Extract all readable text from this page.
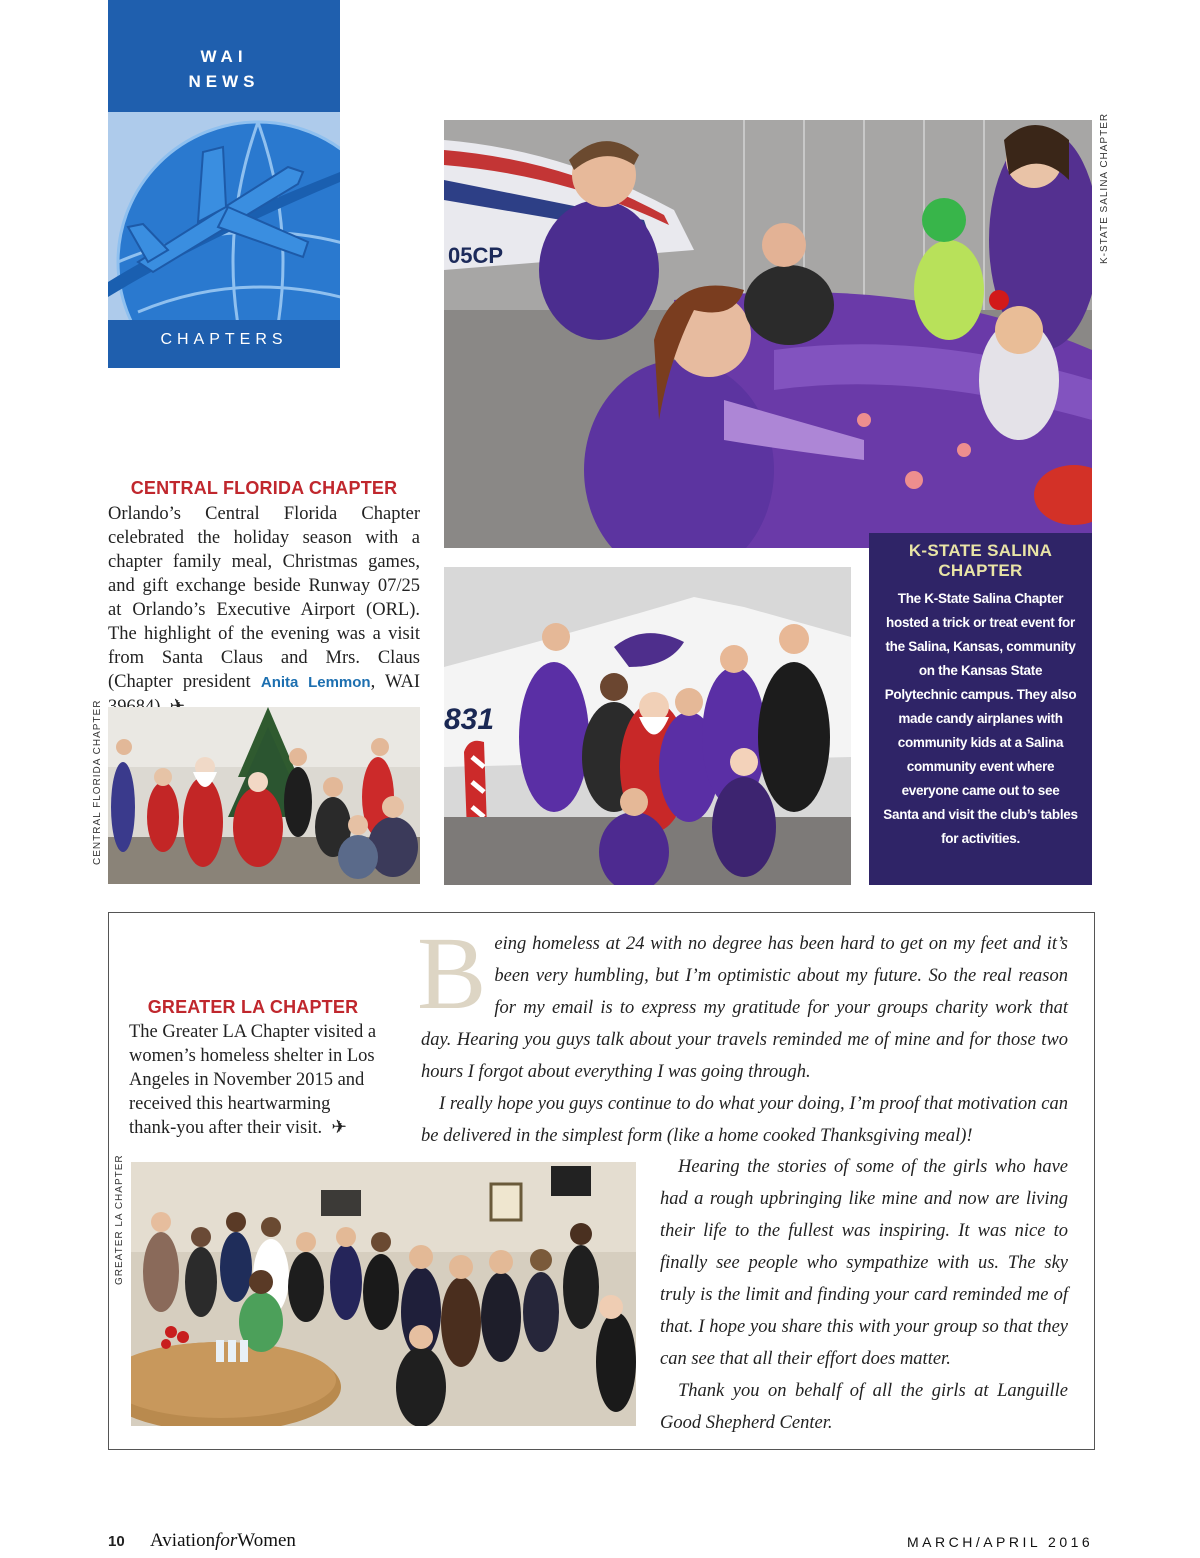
WAI
NEWS
CHAPTERS
05CP	K-STATE SALINA CHAPTER
831
K-STATE SALINA
CHAPTER
The K-State Salina Chapter hosted a trick or treat event for the Salina, Kansas, community on the Kansas State Polytechnic campus. They also made candy airplanes with community kids at a Salina community event where everyone came out to see Santa and visit the club’s tables for activities.
CENTRAL FLORIDA CHAPTER
Orlando’s Central Florida Chapter celebrated the holiday season with a chapter family meal, Christmas games, and gift exchange beside Runway 07/25 at Orlando’s Executive Airport (ORL). The highlight of the evening was a visit from Santa Claus and Mrs. Claus (Chapter president Anita Lemmon, WAI
CENTRAL FLORIDA CHAPTER
GREATER LA CHAPTER
The Greater LA Chapter visited a women’s homeless shelter in Los Angeles in November 2015 and received this heartwarming thank-you after their visit. ✈
GREATER LA CHAPTER
Being homeless at 24 with no degree has been hard to get on my feet and it’s been very humbling, but I’m optimistic about my future. So the real reason for my email is to express my gratitude for your groups charity work that day. Hearing you guys talk about your travels reminded me of mine and for those two hours I forgot about everything I was going through.
I really hope you guys continue to do what your doing, I’m proof that motivation can be delivered in the simplest form (like a home cooked Thanksgiving meal)!
Hearing the stories of some of the girls who have had a rough upbringing like mine and now are living their life to the fullest was inspiring. It was nice to finally see people who sympathize with us. The sky truly is the limit and finding your card reminded me of that. I hope you share this with your group so that they can see that all their effort does matter.
Thank you on behalf of all the girls at Languille Good Shepherd Center.
10 AviationforWomen	MARCH/APRIL 2016
